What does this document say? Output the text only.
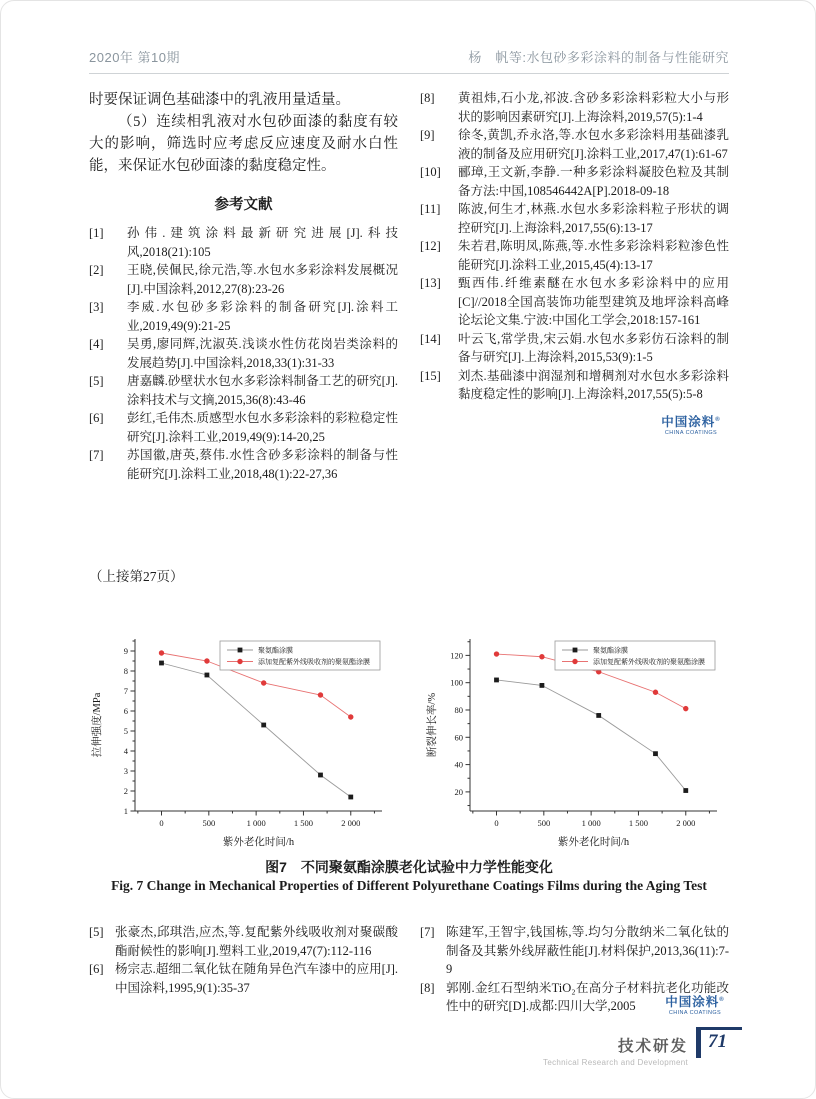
2020年 第10期	杨　帆等:水包砂多彩涂料的制备与性能研究

时要保证调色基础漆中的乳液用量适量。

（5）连续相乳液对水包砂面漆的黏度有较大的影响，筛选时应考虑反应速度及耐水白性能，来保证水包砂面漆的黏度稳定性。

参考文献
[1]	孙伟.建筑涂料最新研究进展[J].科技风,2018(21):105
[2]	王晓,侯佩民,徐元浩,等.水包水多彩涂料发展概况[J].中国涂料,2012,27(8):23-26
[3]	李威.水包砂多彩涂料的制备研究[J].涂料工业,2019,49(9):21-25
[4]	吴勇,廖同辉,沈淑英.浅谈水性仿花岗岩类涂料的发展趋势[J].中国涂料,2018,33(1):31-33
[5]	唐嘉麟.砂壁状水包水多彩涂料制备工艺的研究[J].涂料技术与文摘,2015,36(8):43-46
[6]	彭红,毛伟杰.质感型水包水多彩涂料的彩粒稳定性研究[J].涂料工业,2019,49(9):14-20,25
[7]	苏国徽,唐英,蔡伟.水性含砂多彩涂料的制备与性能研究[J].涂料工业,2018,48(1):22-27,36
[8]	黄祖炜,石小龙,祁波.含砂多彩涂料彩粒大小与形状的影响因素研究[J].上海涂料,2019,57(5):1-4
[9]	徐冬,黄凯,乔永洛,等.水包水多彩涂料用基础漆乳液的制备及应用研究[J].涂料工业,2017,47(1):61-67
[10]	郦璋,王文新,李静.一种多彩涂料凝胶色粒及其制备方法:中国,108546442A[P].2018-09-18
[11]	陈波,何生才,林燕.水包水多彩涂料粒子形状的调控研究[J].上海涂料,2017,55(6):13-17
[12]	朱若君,陈明凤,陈燕,等.水性多彩涂料彩粒渗色性能研究[J].涂料工业,2015,45(4):13-17
[13]	甄西伟.纤维素醚在水包水多彩涂料中的应用[C]//2018全国高装饰功能型建筑及地坪涂料高峰论坛论文集.宁波:中国化工学会,2018:157-161
[14]	叶云飞,常学贵,宋云娟.水包水多彩仿石涂料的制备与研究[J].上海涂料,2015,53(9):1-5
[15]	刘杰.基础漆中润湿剂和增稠剂对水包水多彩涂料黏度稳定性的影响[J].上海涂料,2017,55(5):5-8
中国涂料®
CHINA COATINGS
（上接第27页）
0	500	1 000	1 500	2 000
1
2
3
4
5
6
7
8
9
紫外老化时间/h
拉伸强度/MPa
聚氨酯涂膜
添加复配紫外线吸收剂的聚氨酯涂膜
0	500	1 000	1 500	2 000
20
40
60
80
100
120
紫外老化时间/h
断裂伸长率/%
聚氨酯涂膜
添加复配紫外线吸收剂的聚氨酯涂膜
图7　不同聚氨酯涂膜老化试验中力学性能变化
Fig. 7 Change in Mechanical Properties of Different Polyurethane Coatings Films during the Aging Test
[5] 张豪杰,邱琪浩,应杰,等.复配紫外线吸收剂对聚碳酸酯耐候性的影响[J].塑料工业,2019,47(7):112-116
[6] 杨宗志.超细二氧化钛在随角异色汽车漆中的应用[J].中国涂料,1995,9(1):35-37
[7] 陈建军,王智宇,钱国栋,等.均匀分散纳米二氧化钛的制备及其紫外线屏蔽性能[J].材料保护,2013,36(11):7-9
[8] 郭刚.金红石型纳米TiO₂在高分子材料抗老化功能改性中的研究[D].成都:四川大学,2005	中国涂料®
CHINA COATINGS
技术研发
Technical Research and Development
71
